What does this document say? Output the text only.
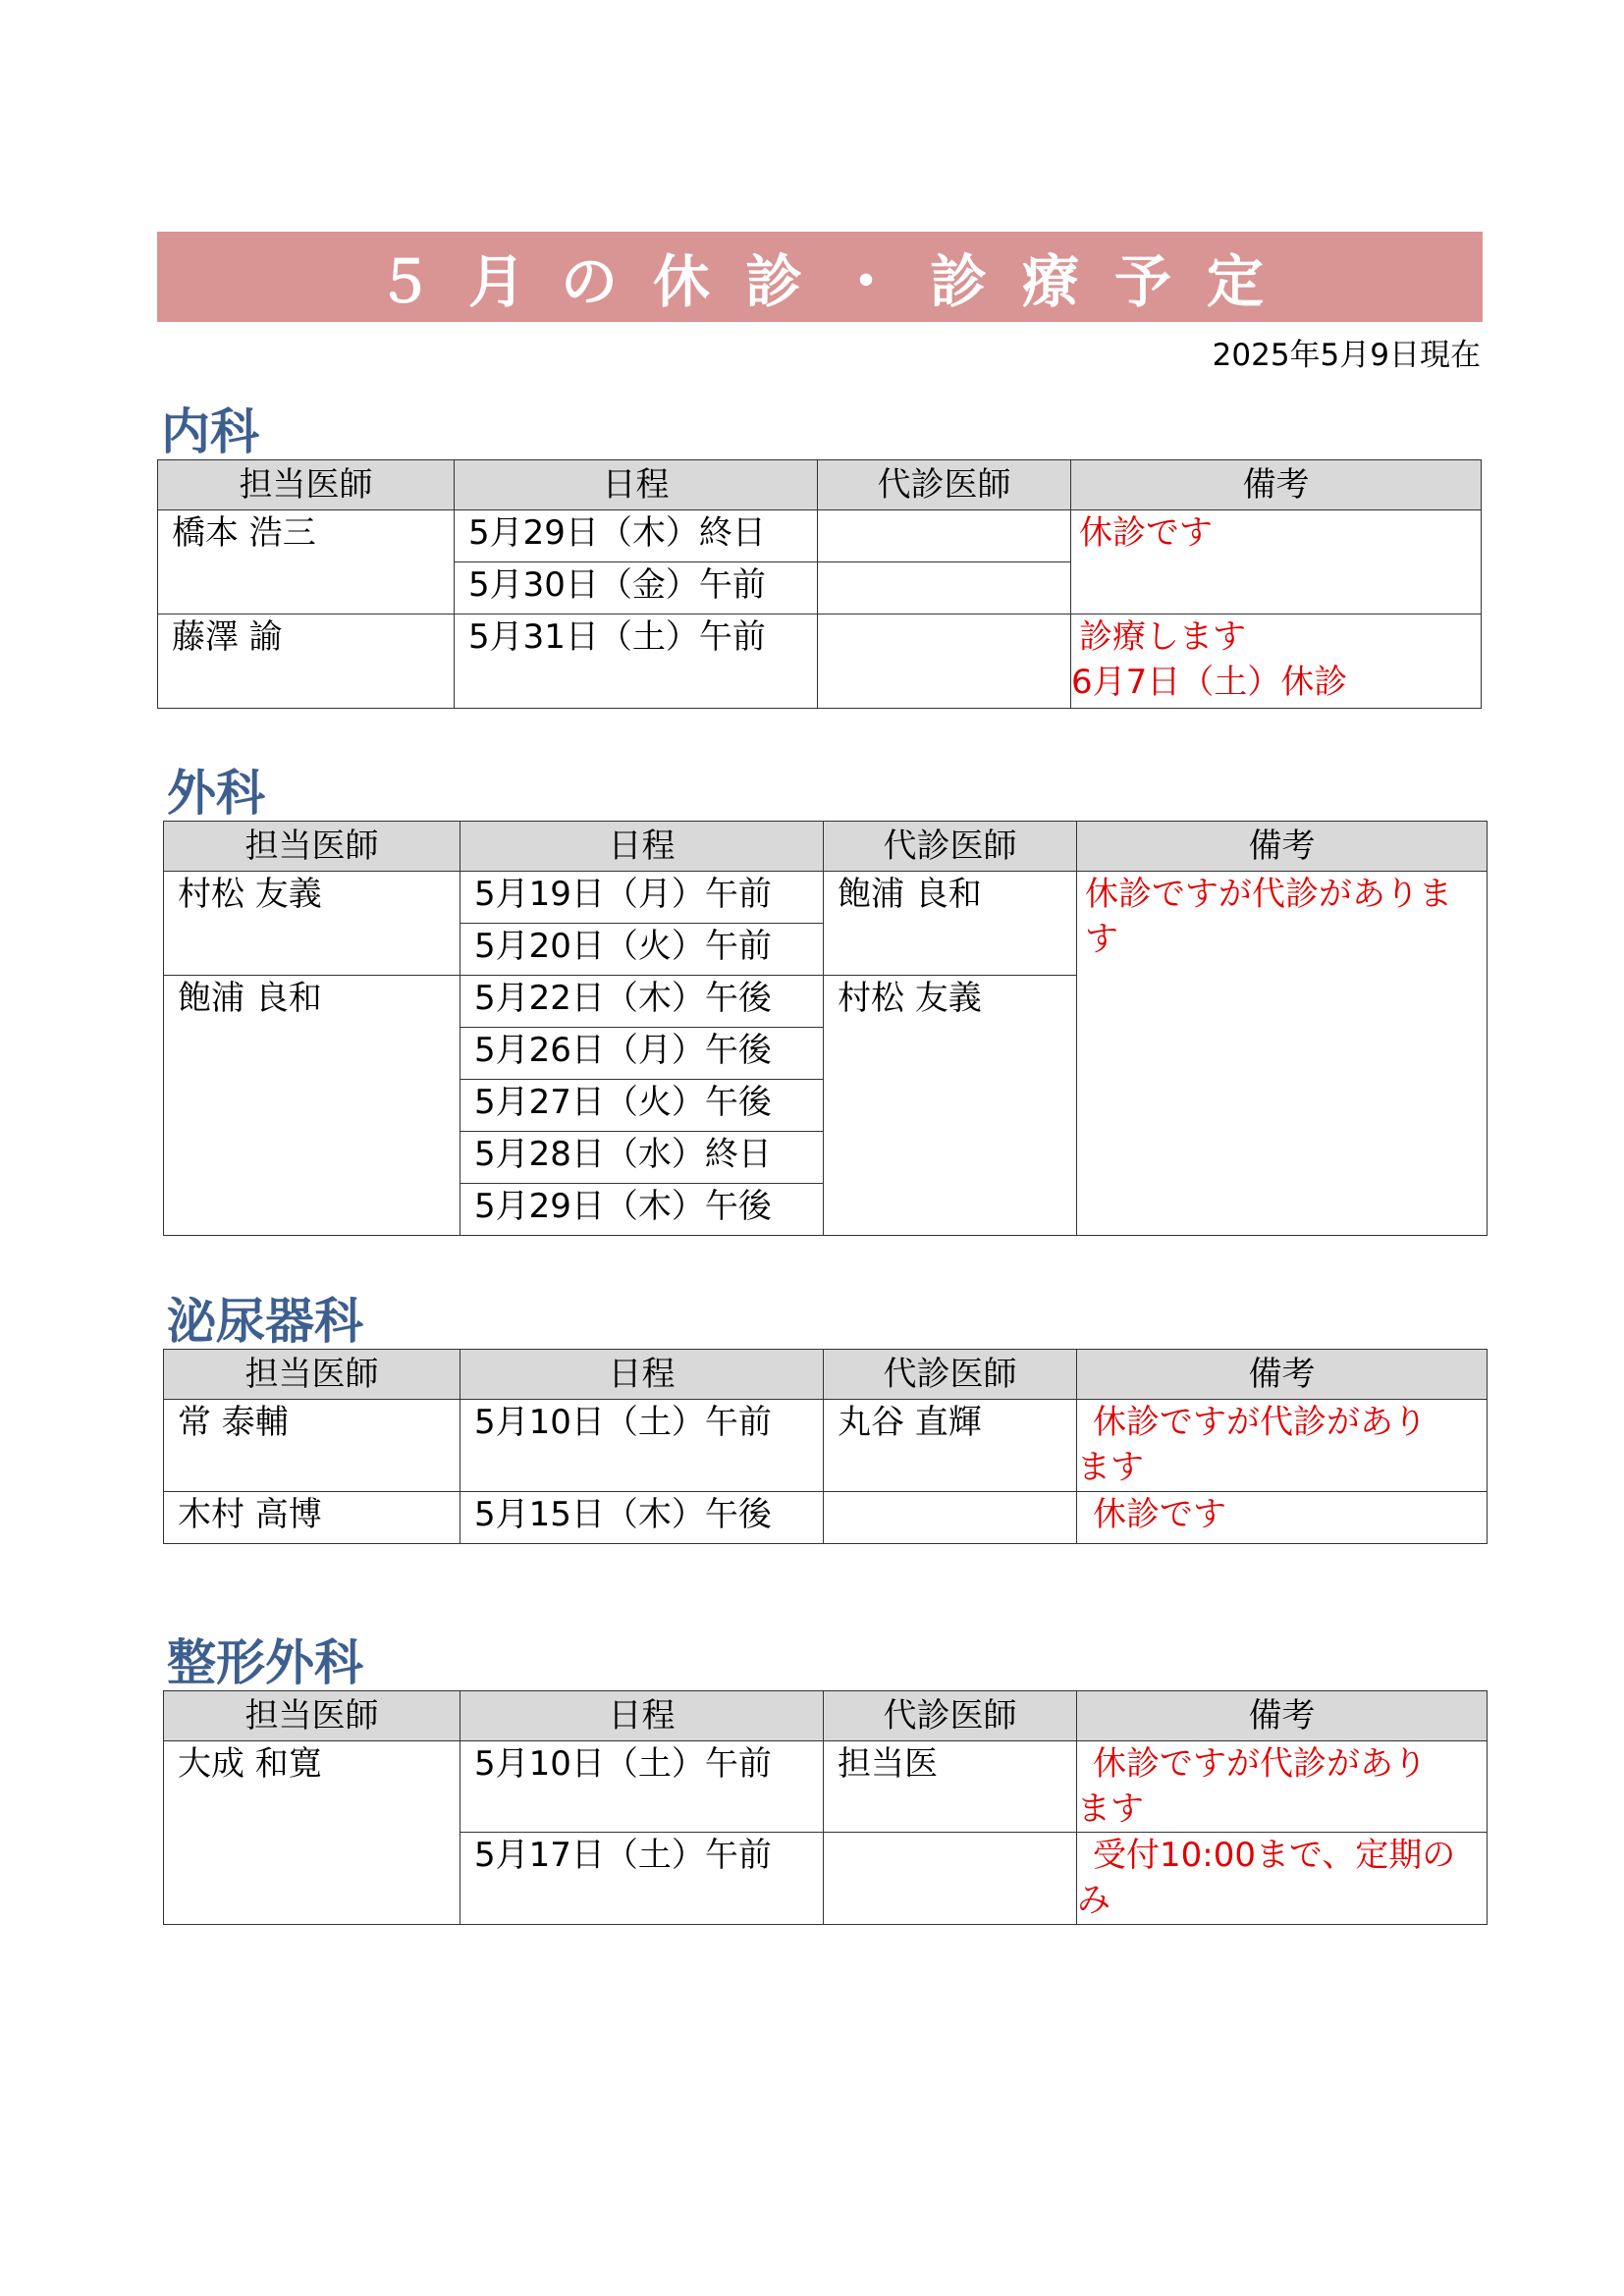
５月の休診・診療予定
2025年5月9日現在
内科
担当医師	日程	代診医師	備考
橋本 浩三	5月29日（木）終日		休診です
	5月30日（金）午前		
藤澤 諭	5月31日（土）午前		診療します
6月7日（土）休診
外科
担当医師	日程	代診医師	備考
村松 友義	5月19日（月）午前	飽浦 良和	休診ですが代診がありま
す

	5月20日（火）午前		
飽浦 良和	5月22日（木）午後	村松 友義	
	5月26日（月）午後		
	5月27日（火）午後		
	5月28日（水）終日		
	5月29日（木）午後		
泌尿器科
担当医師	日程	代診医師	備考
常 泰輔	5月10日（土）午前	丸谷 直輝	休診ですが代診があり
ます

木村 高博	5月15日（木）午後		休診です
整形外科
担当医師	日程	代診医師	備考
大成 和寛	5月10日（土）午前	担当医	休診ですが代診があり
ます

	5月17日（土）午前		受付10:00まで、定期の
み
